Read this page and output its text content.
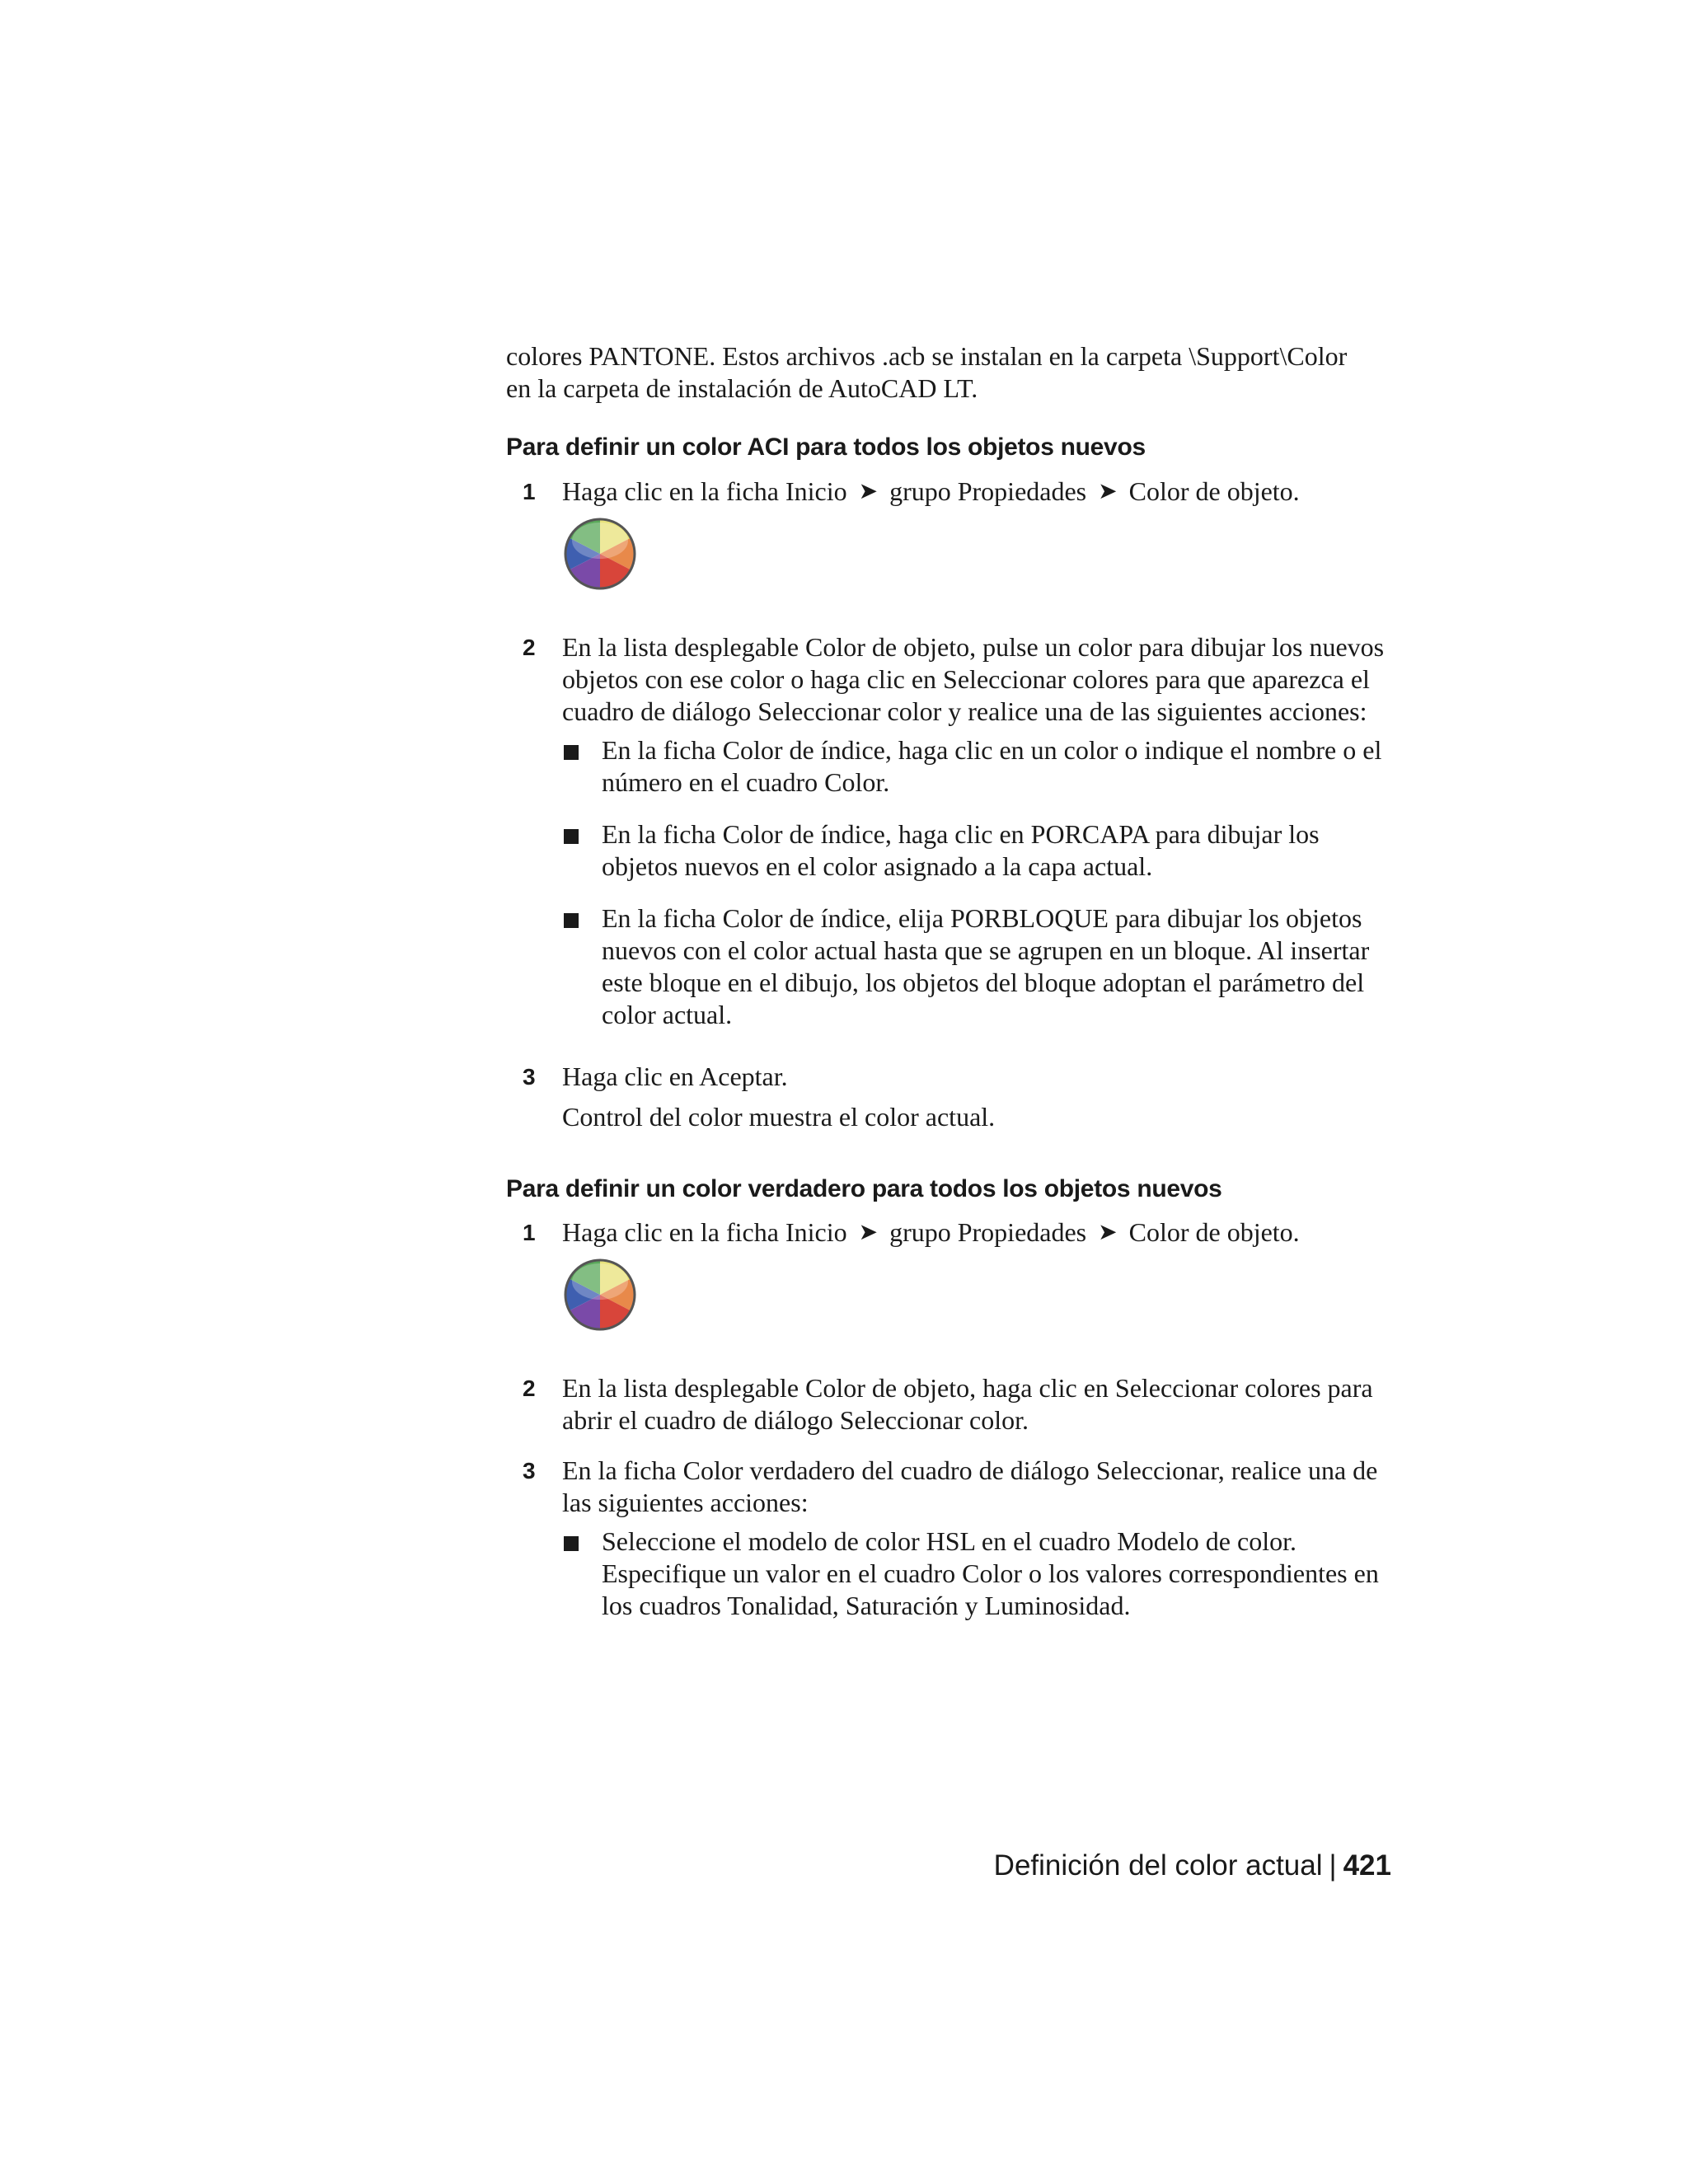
colores PANTONE. Estos archivos .acb se instalan en la carpeta \Support\Color

en la carpeta de instalación de AutoCAD LT.

Para definir un color ACI para todos los objetos nuevos
1 Haga clic en la ficha Inicio ➤ grupo Propiedades ➤ Color de objeto.

2 En la lista desplegable Color de objeto, pulse un color para dibujar los nuevos objetos con ese color o haga clic en Seleccionar colores para que aparezca el cuadro de diálogo Seleccionar color y realice una de las siguientes acciones:

En la ficha Color de índice, haga clic en un color o indique el nombre o el número en el cuadro Color.
En la ficha Color de índice, haga clic en PORCAPA para dibujar los objetos nuevos en el color asignado a la capa actual.
En la ficha Color de índice, elija PORBLOQUE para dibujar los objetos nuevos con el color actual hasta que se agrupen en un bloque. Al insertar este bloque en el dibujo, los objetos del bloque adoptan el parámetro del color actual.
3 Haga clic en Aceptar.

Control del color muestra el color actual.

Para definir un color verdadero para todos los objetos nuevos
1 Haga clic en la ficha Inicio ➤ grupo Propiedades ➤ Color de objeto.

2 En la lista desplegable Color de objeto, haga clic en Seleccionar colores para abrir el cuadro de diálogo Seleccionar color.

3 En la ficha Color verdadero del cuadro de diálogo Seleccionar, realice una de las siguientes acciones:

Seleccione el modelo de color HSL en el cuadro Modelo de color. Especifique un valor en el cuadro Color o los valores correspondientes en los cuadros Tonalidad, Saturación y Luminosidad.
Definición del color actual | 421
